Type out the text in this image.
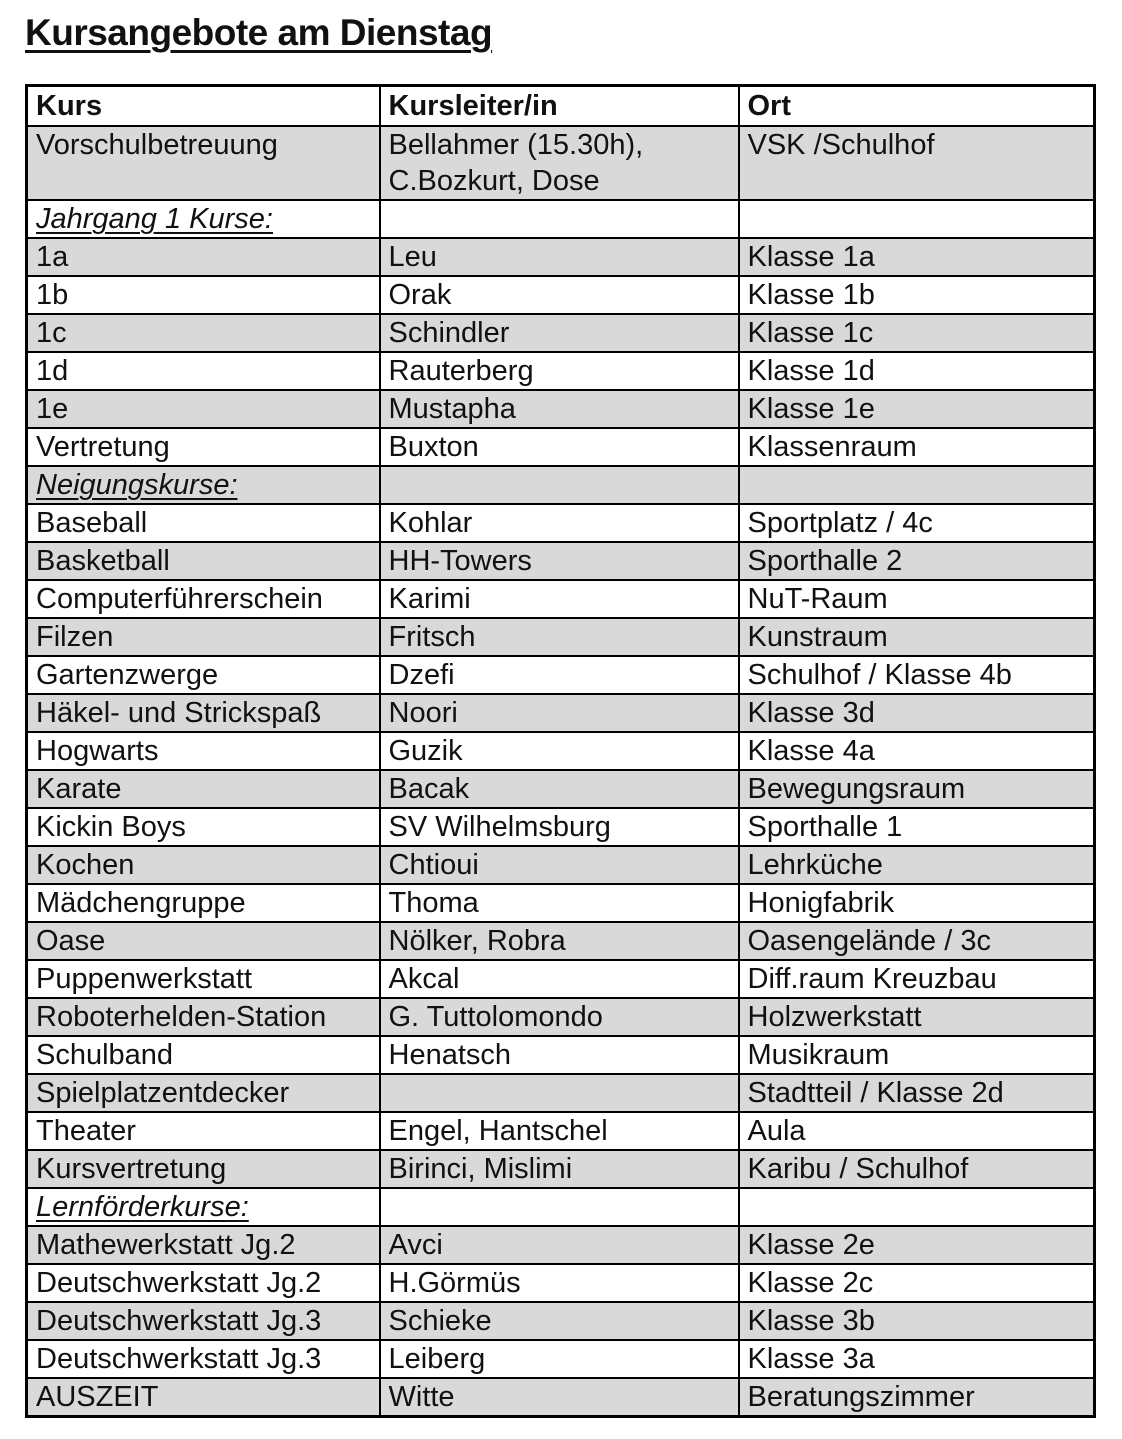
Kursangebote am Dienstag
Kurs	Kursleiter/in	Ort
Vorschulbetreuung	Bellahmer (15.30h), C.Bozkurt, Dose	VSK /Schulhof
Jahrgang 1 Kurse:		
1a	Leu	Klasse 1a
1b	Orak	Klasse 1b
1c	Schindler	Klasse 1c
1d	Rauterberg	Klasse 1d
1e	Mustapha	Klasse 1e
Vertretung	Buxton	Klassenraum
Neigungskurse:		
Baseball	Kohlar	Sportplatz / 4c
Basketball	HH-Towers	Sporthalle 2
Computerführerschein	Karimi	NuT-Raum
Filzen	Fritsch	Kunstraum
Gartenzwerge	Dzefi	Schulhof / Klasse 4b
Häkel- und Strickspaß	Noori	Klasse 3d
Hogwarts	Guzik	Klasse 4a
Karate	Bacak	Bewegungsraum
Kickin Boys	SV Wilhelmsburg	Sporthalle 1
Kochen	Chtioui	Lehrküche
Mädchengruppe	Thoma	Honigfabrik
Oase	Nölker, Robra	Oasengelände / 3c
Puppenwerkstatt	Akcal	Diff.raum Kreuzbau
Roboterhelden-Station	G. Tuttolomondo	Holzwerkstatt
Schulband	Henatsch	Musikraum
Spielplatzentdecker		Stadtteil / Klasse 2d
Theater	Engel, Hantschel	Aula
Kursvertretung	Birinci, Mislimi	Karibu / Schulhof
Lernförderkurse:		
Mathewerkstatt Jg.2	Avci	Klasse 2e
Deutschwerkstatt Jg.2	H.Görmüs	Klasse 2c
Deutschwerkstatt Jg.3	Schieke	Klasse 3b
Deutschwerkstatt Jg.3	Leiberg	Klasse 3a
AUSZEIT	Witte	Beratungszimmer
